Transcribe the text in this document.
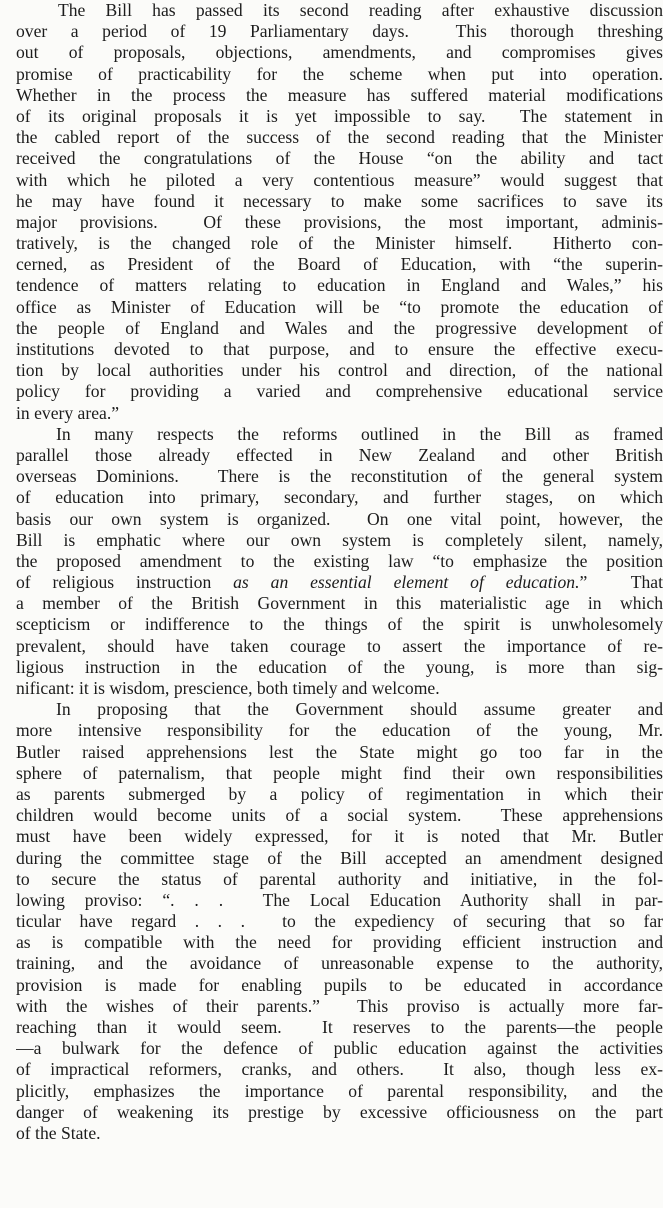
The Bill has passed its second reading after exhaustive discussion
over a period of 19 Parliamentary days.  This thorough threshing
out of proposals, objections, amendments, and compromises gives
promise of practicability for the scheme when put into operation.
Whether in the process the measure has suffered material modifications
of its original proposals it is yet impossible to say.  The statement in
the cabled report of the success of the second reading that the Minister
received the congratulations of the House “on the ability and tact
with which he piloted a very contentious measure” would suggest that
he may have found it necessary to make some sacrifices to save its
major provisions.  Of these provisions, the most important, adminis-
tratively, is the changed role of the Minister himself.  Hitherto con-
cerned, as President of the Board of Education, with “the superin-
tendence of matters relating to education in England and Wales,” his
office as Minister of Education will be “to promote the education of
the people of England and Wales and the progressive development of
institutions devoted to that purpose, and to ensure the effective execu-
tion by local authorities under his control and direction, of the national
policy for providing a varied and comprehensive educational service
in every area.”
In many respects the reforms outlined in the Bill as framed
parallel those already effected in New Zealand and other British
overseas Dominions.  There is the reconstitution of the general system
of education into primary, secondary, and further stages, on which
basis our own system is organized.  On one vital point, however, the
Bill is emphatic where our own system is completely silent, namely,
the proposed amendment to the existing law “to emphasize the position
of religious instruction as an essential element of education.”  That
a member of the British Government in this materialistic age in which
scepticism or indifference to the things of the spirit is unwholesomely
prevalent, should have taken courage to assert the importance of re-
ligious instruction in the education of the young, is more than sig-
nificant: it is wisdom, prescience, both timely and welcome.
In proposing that the Government should assume greater and
more intensive responsibility for the education of the young, Mr.
Butler raised apprehensions lest the State might go too far in the
sphere of paternalism, that people might find their own responsibilities
as parents submerged by a policy of regimentation in which their
children would become units of a social system.  These apprehensions
must have been widely expressed, for it is noted that Mr. Butler
during the committee stage of the Bill accepted an amendment designed
to secure the status of parental authority and initiative, in the fol-
lowing proviso: “. . .  The Local Education Authority shall in par-
ticular have regard . . .  to the expediency of securing that so far
as is compatible with the need for providing efficient instruction and
training, and the avoidance of unreasonable expense to the authority,
provision is made for enabling pupils to be educated in accordance
with the wishes of their parents.”  This proviso is actually more far-
reaching than it would seem.  It reserves to the parents—the people
—a bulwark for the defence of public education against the activities
of impractical reformers, cranks, and others.  It also, though less ex-
plicitly, emphasizes the importance of parental responsibility, and the
danger of weakening its prestige by excessive officiousness on the part
of the State.
